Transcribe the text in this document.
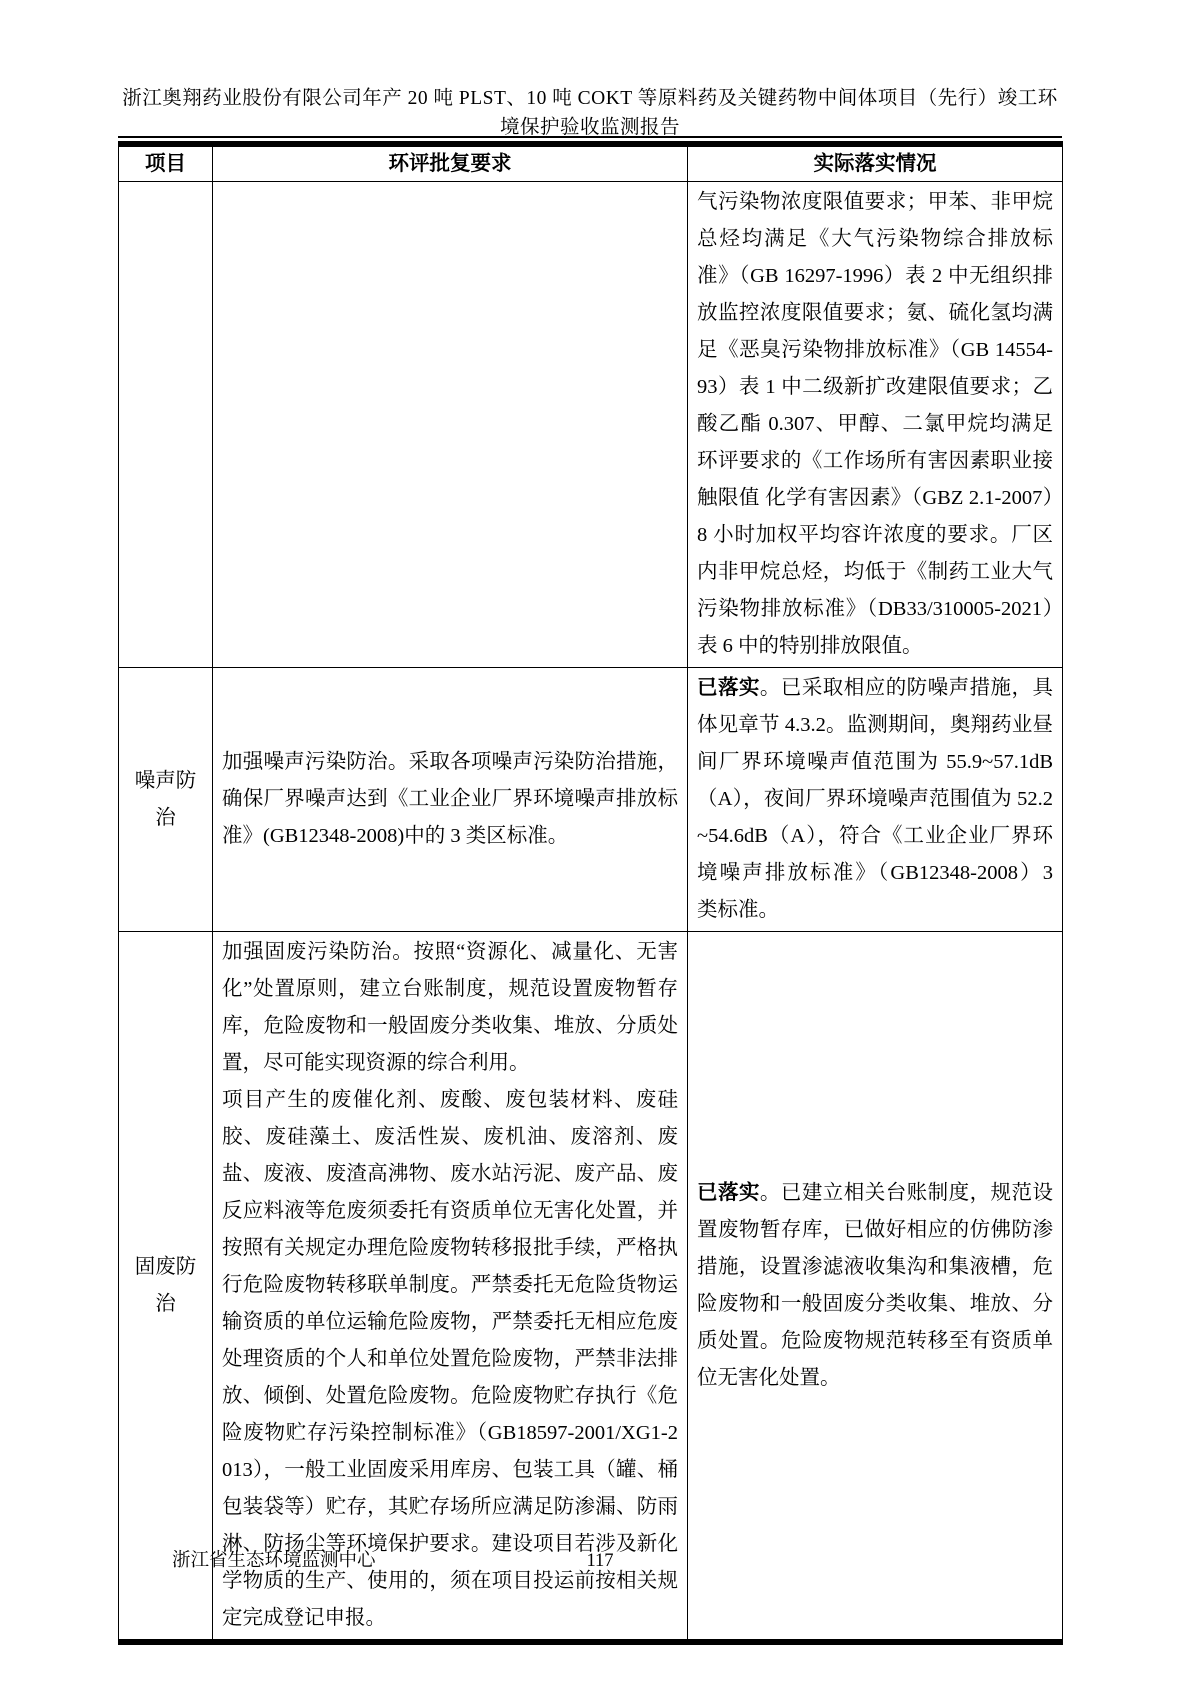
浙江奥翔药业股份有限公司年产 20 吨 PLST、10 吨 COKT 等原料药及关键药物中间体项目（先行）竣工环境保护验收监测报告
项目	环评批复要求	实际落实情况

		气污染物浓度限值要求；甲苯、非甲烷总烃均满足《大气污染物综合排放标准》（GB 16297-1996）表 2 中无组织排放监控浓度限值要求；氨、硫化氢均满足《恶臭污染物排放标准》（GB 14554-93）表 1 中二级新扩改建限值要求；乙酸乙酯 0.307、甲醇、二氯甲烷均满足环评要求的《工作场所有害因素职业接触限值 化学有害因素》（GBZ 2.1-2007）8 小时加权平均容许浓度的要求。厂区内非甲烷总烃，均低于《制药工业大气污染物排放标准》（DB33/310005-2021）表 6 中的特别排放限值。

噪声防治	加强噪声污染防治。采取各项噪声污染防治措施，确保厂界噪声达到《工业企业厂界环境噪声排放标准》(GB12348-2008)中的 3 类区标准。	已落实。已采取相应的防噪声措施，具体见章节 4.3.2。监测期间，奥翔药业昼间厂界环境噪声值范围为 55.9~57.1dB（A），夜间厂界环境噪声范围值为 52.2~54.6dB（A），符合《工业企业厂界环境噪声排放标准》（GB12348-2008）3 类标准。

固废防治	加强固废污染防治。按照“资源化、减量化、无害化”处置原则，建立台账制度，规范设置废物暂存库，危险废物和一般固废分类收集、堆放、分质处置，尽可能实现资源的综合利用。
项目产生的废催化剂、废酸、废包装材料、废硅胶、废硅藻土、废活性炭、废机油、废溶剂、废盐、废液、废渣高沸物、废水站污泥、废产品、废反应料液等危废须委托有资质单位无害化处置，并按照有关规定办理危险废物转移报批手续，严格执行危险废物转移联单制度。严禁委托无危险货物运输资质的单位运输危险废物，严禁委托无相应危废处理资质的个人和单位处置危险废物，严禁非法排放、倾倒、处置危险废物。危险废物贮存执行《危险废物贮存污染控制标准》（GB18597-2001/XG1-2013），一般工业固废采用库房、包装工具（罐、桶包装袋等）贮存，其贮存场所应满足防渗漏、防雨淋、防扬尘等环境保护要求。建设项目若涉及新化学物质的生产、使用的，须在项目投运前按相关规定完成登记申报。	已落实。已建立相关台账制度，规范设置废物暂存库，已做好相应的仿佛防渗措施，设置渗滤液收集沟和集液槽，危险废物和一般固废分类收集、堆放、分质处置。危险废物规范转移至有资质单位无害化处置。
浙江省生态环境监测中心	117
